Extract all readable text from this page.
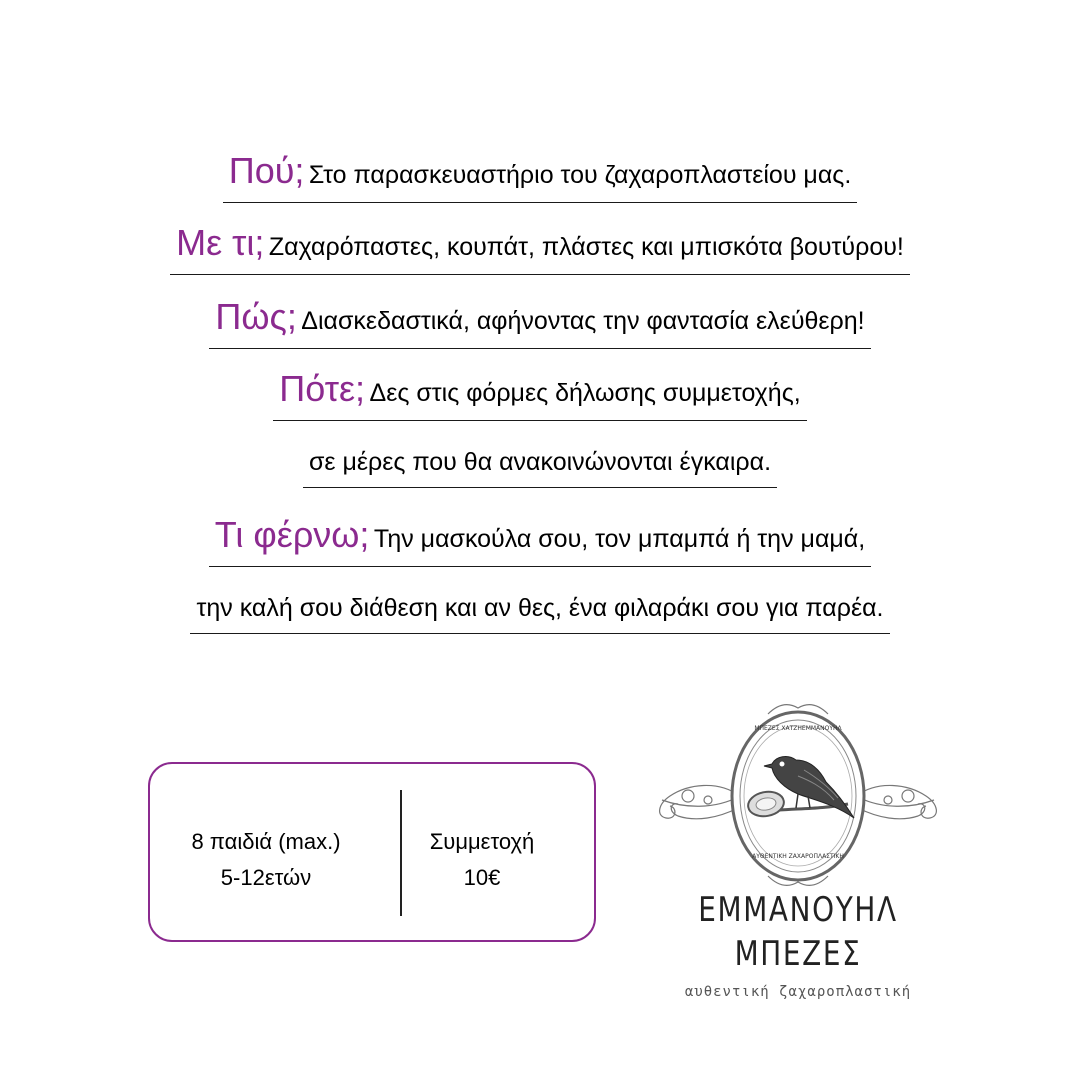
Πού; Στο παρασκευαστήριο του ζαχαροπλαστείου μας.
Με τι; Ζαχαρόπαστες, κουπάτ, πλάστες και μπισκότα βουτύρου!
Πώς; Διασκεδαστικά, αφήνοντας την φαντασία ελεύθερη!
Πότε; Δες στις φόρμες δήλωσης συμμετοχής,
σε μέρες που θα ανακοινώνονται έγκαιρα.
Τι φέρνω; Την μασκούλα σου, τον μπαμπά ή την μαμά,
την καλή σου διάθεση και αν θες, ένα φιλαράκι σου για παρέα.
8 παιδιά (max.)
5-12ετών
Συμμετοχή
10€
ΜΠΕΖΕΣ ΧΑΤΖΗΕΜΜΑΝΟΥΗΛ
ΑΥΘΕΝΤΙΚΗ ΖΑΧΑΡΟΠΛΑΣΤΙΚΗ
ΕΜΜΑΝΟΥΗΛ
ΜΠΕΖΕΣ
αυθεντική ζαχαροπλαστική
